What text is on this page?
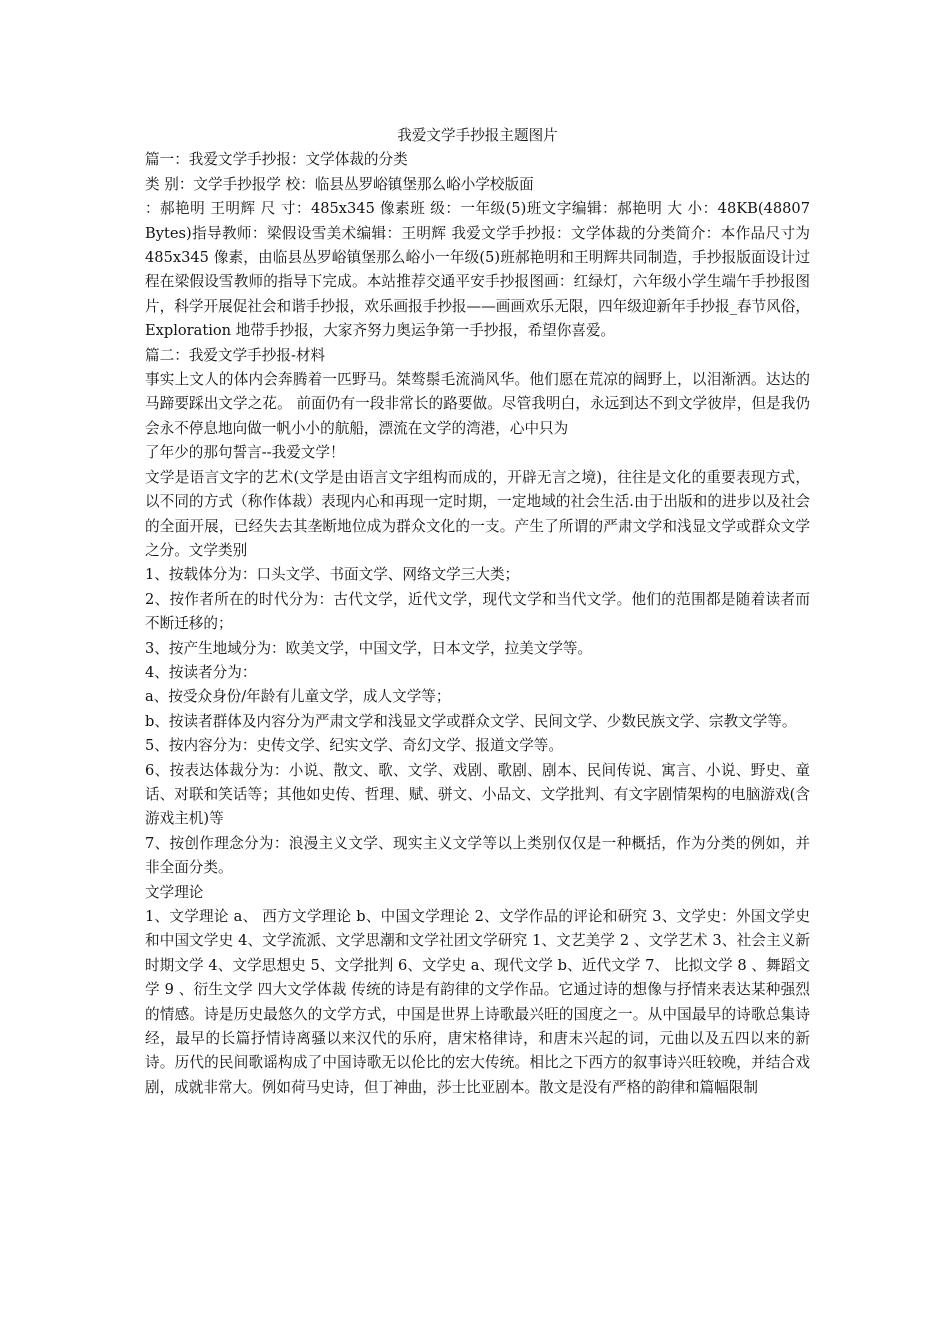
我爱文学手抄报主题图片

篇一：我爱文学手抄报：文学体裁的分类

类 别：文学手抄报学 校：临县丛罗峪镇堡那么峪小学校版面

：郝艳明 王明辉 尺 寸：485x345 像素班 级：一年级(5)班文字编辑：郝艳明 大 小：48KB(48807 Bytes)指导教师：梁假设雪美术编辑：王明辉 我爱文学手抄报：文学体裁的分类简介：本作品尺寸为 485x345 像素，由临县丛罗峪镇堡那么峪小一年级(5)班郝艳明和王明辉共同制造，手抄报版面设计过程在梁假设雪教师的指导下完成。本站推荐交通平安手抄报图画：红绿灯，六年级小学生端午手抄报图片，科学开展促社会和谐手抄报，欢乐画报手抄报——画画欢乐无限，四年级迎新年手抄报_春节风俗，Exploration 地带手抄报，大家齐努力奥运争第一手抄报，希望你喜爱。

篇二：我爱文学手抄报-材料

事实上文人的体内会奔腾着一匹野马。桀骜鬃毛流淌风华。他们愿在荒凉的阔野上，以泪渐洒。达达的马蹄要踩出文学之花。 前面仍有一段非常长的路要做。尽管我明白，永远到达不到文学彼岸，但是我仍会永不停息地向做一帆小小的航船，漂流在文学的湾港，心中只为

了年少的那句誓言--我爱文学！

文学是语言文字的艺术(文学是由语言文字组构而成的，开辟无言之境)，往往是文化的重要表现方式，以不同的方式（称作体裁）表现内心和再现一定时期，一定地域的社会生活.由于出版和的进步以及社会的全面开展，已经失去其垄断地位成为群众文化的一支。产生了所谓的严肃文学和浅显文学或群众文学之分。文学类别

1、按载体分为：口头文学、书面文学、网络文学三大类；

2、按作者所在的时代分为：古代文学，近代文学，现代文学和当代文学。他们的范围都是随着读者而不断迁移的；

3、按产生地域分为：欧美文学，中国文学，日本文学，拉美文学等。

4、按读者分为：

a、按受众身份/年龄有儿童文学，成人文学等；

b、按读者群体及内容分为严肃文学和浅显文学或群众文学、民间文学、少数民族文学、宗教文学等。

5、按内容分为：史传文学、纪实文学、奇幻文学、报道文学等。

6、按表达体裁分为：小说、散文、歌、文学、戏剧、歌剧、剧本、民间传说、寓言、小说、野史、童话、对联和笑话等；其他如史传、哲理、赋、骈文、小品文、文学批判、有文字剧情架构的电脑游戏(含游戏主机)等

7、按创作理念分为：浪漫主义文学、现实主义文学等以上类别仅仅是一种概括，作为分类的例如，并非全面分类。

文学理论

1、文学理论 a、 西方文学理论 b、中国文学理论 2、文学作品的评论和研究 3、文学史：外国文学史和中国文学史 4、文学流派、文学思潮和文学社团文学研究 1、文艺美学 2 、文学艺术 3、社会主义新时期文学 4、文学思想史 5、文学批判 6、文学史 a、现代文学 b、近代文学 7、 比拟文学 8 、舞蹈文学 9 、衍生文学 四大文学体裁 传统的诗是有韵律的文学作品。它通过诗的想像与抒情来表达某种强烈的情感。诗是历史最悠久的文学方式，中国是世界上诗歌最兴旺的国度之一。从中国最早的诗歌总集诗经，最早的长篇抒情诗离骚以来汉代的乐府，唐宋格律诗，和唐末兴起的词，元曲以及五四以来的新诗。历代的民间歌谣构成了中国诗歌无以伦比的宏大传统。相比之下西方的叙事诗兴旺较晚，并结合戏剧，成就非常大。例如荷马史诗，但丁神曲，莎士比亚剧本。散文是没有严格的韵律和篇幅限制
